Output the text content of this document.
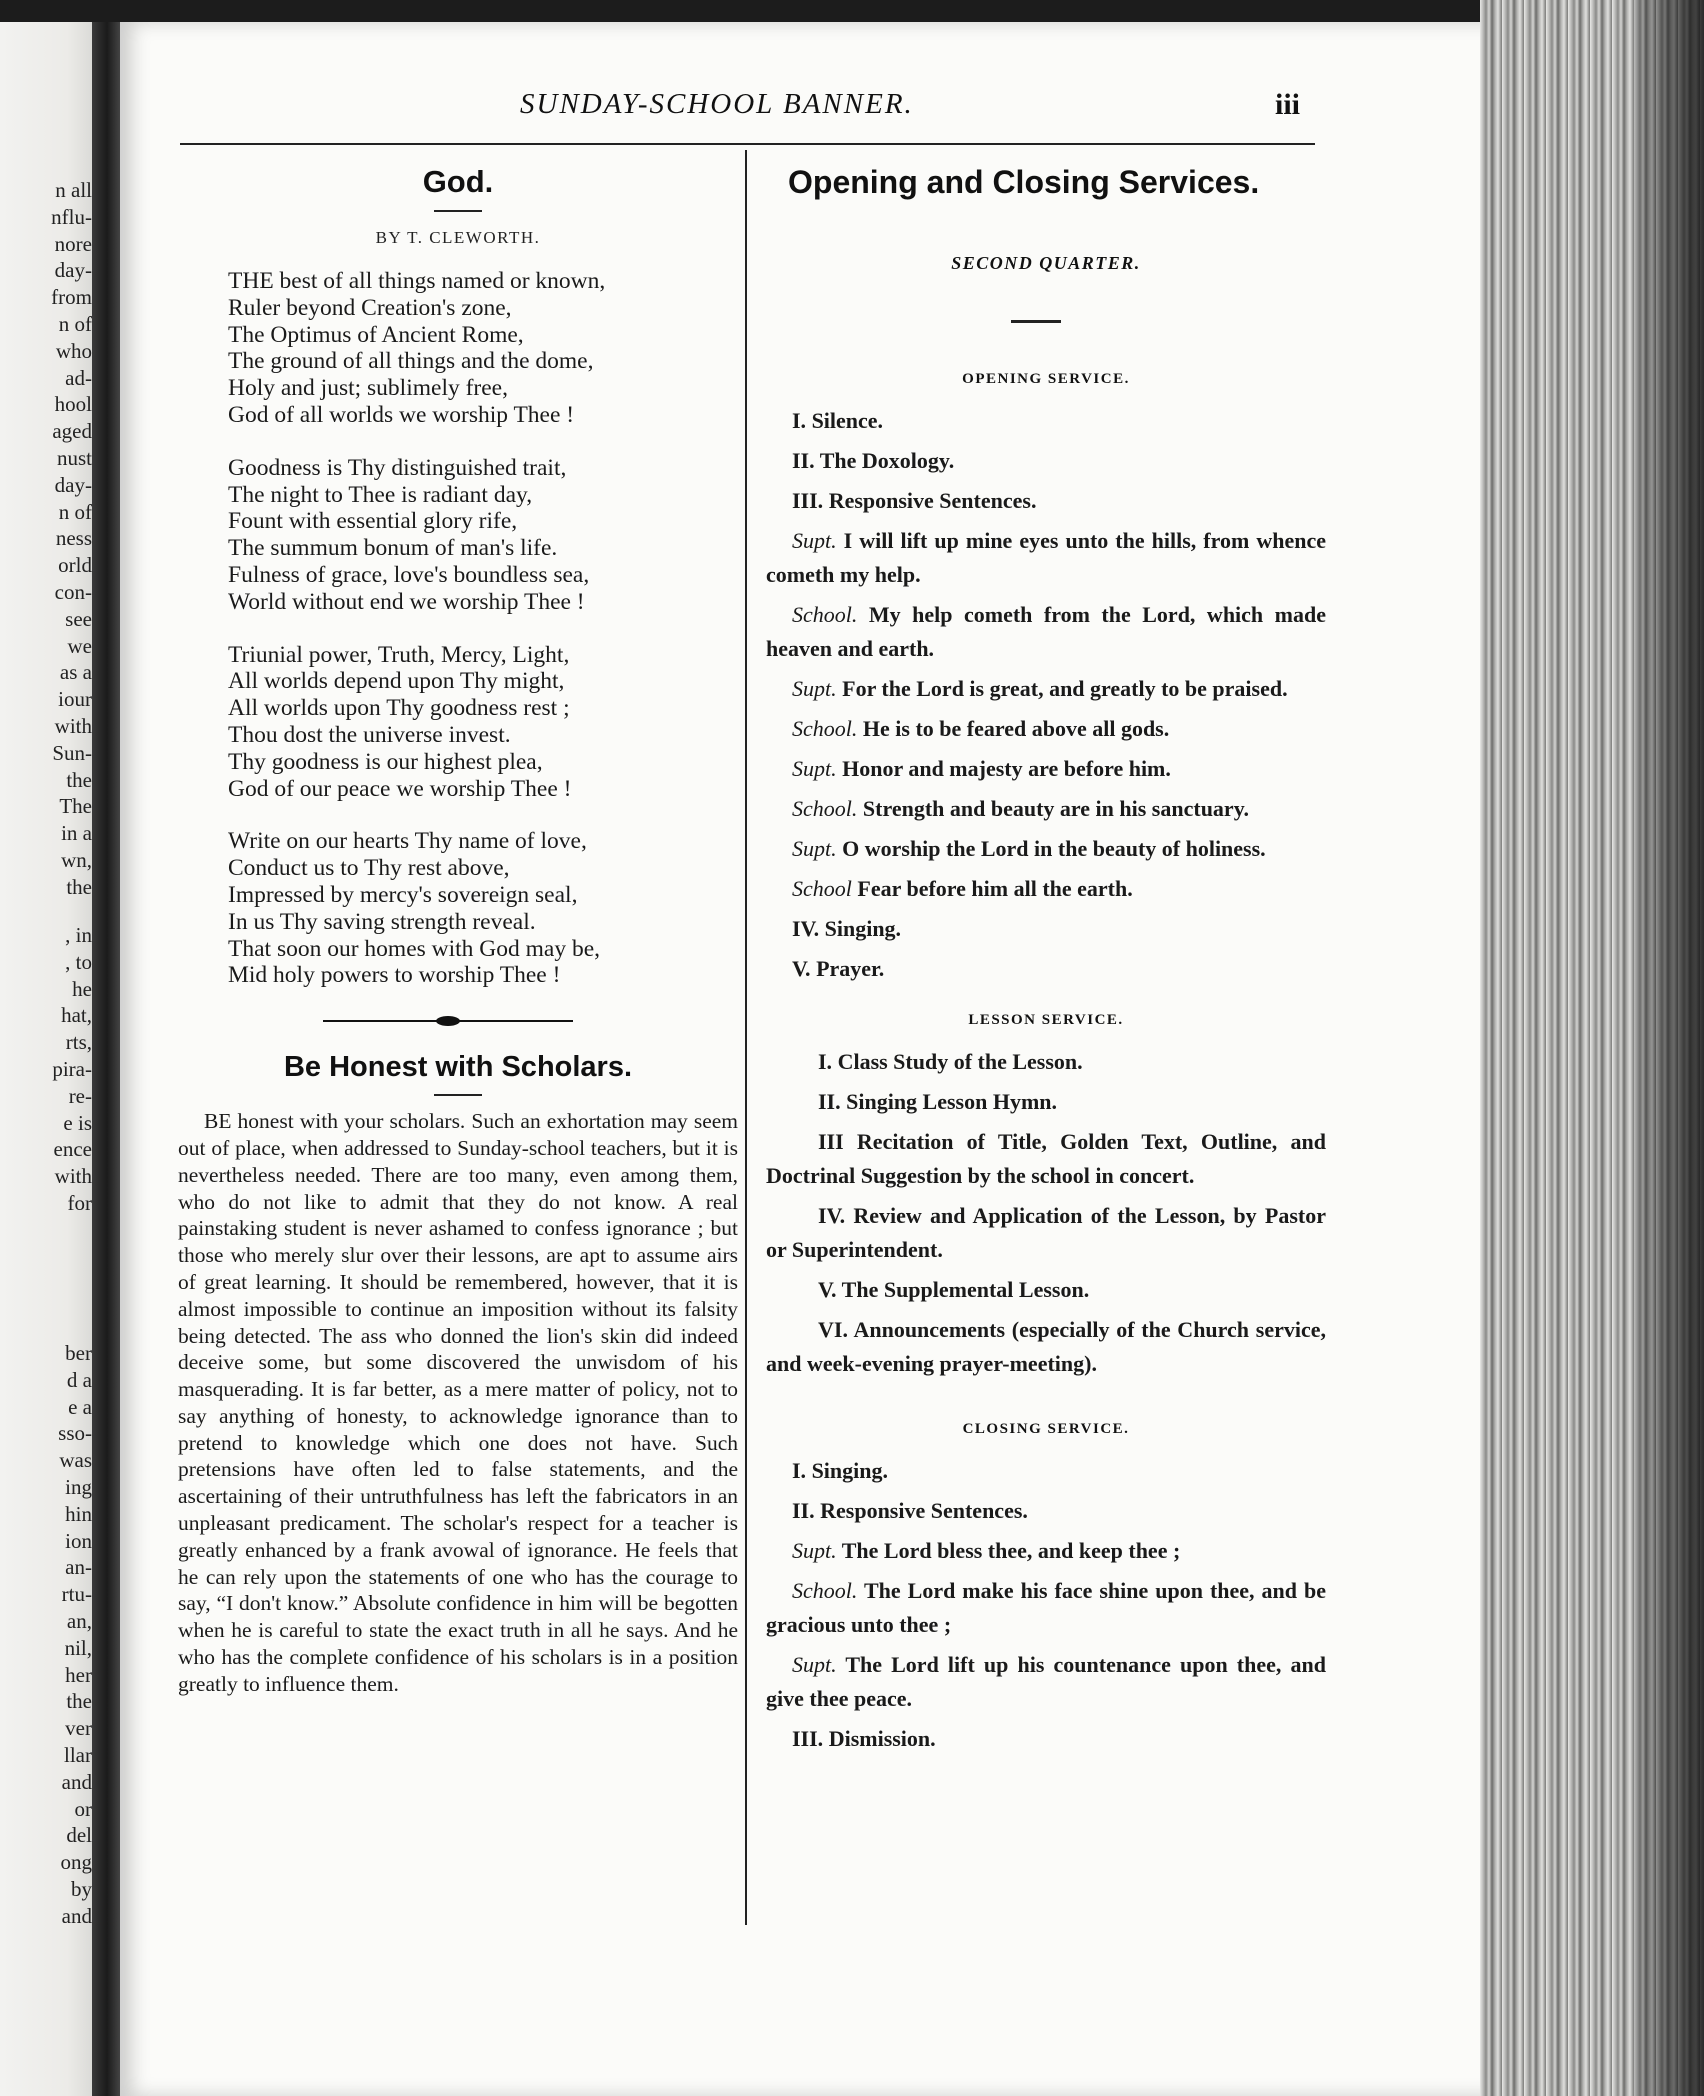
n all
nflu-
nore
day-
from
n of
who
ad-
hool
aged
nust
day-
n of
ness
orld
con-
see
we
as a
iour
with
Sun-
the
The
in a
wn,
the
, in
, to
he
hat,
rts,
pira-
re-
e is
ence
with
for
ber
d a
e a
sso-
was
ing
hin
ion
an-
rtu-
an,
nil,
her
the
ver
llar
and
or
del
ong
by
and
SUNDAY-SCHOOL BANNER.	iii
God.
BY T. CLEWORTH.
THE best of all things named or known,
Ruler beyond Creation's zone,
The Optimus of Ancient Rome,
The ground of all things and the dome,
Holy and just; sublimely free,
God of all worlds we worship Thee !
Goodness is Thy distinguished trait,
The night to Thee is radiant day,
Fount with essential glory rife,
The summum bonum of man's life.
Fulness of grace, love's boundless sea,
World without end we worship Thee !
Triunial power, Truth, Mercy, Light,
All worlds depend upon Thy might,
All worlds upon Thy goodness rest ;
Thou dost the universe invest.
Thy goodness is our highest plea,
God of our peace we worship Thee !
Write on our hearts Thy name of love,
Conduct us to Thy rest above,
Impressed by mercy's sovereign seal,
In us Thy saving strength reveal.
That soon our homes with God may be,
Mid holy powers to worship Thee !
Be Honest with Scholars.

BE honest with your scholars. Such an exhortation may seem out of place, when addressed to Sunday-school teachers, but it is nevertheless needed. There are too many, even among them, who do not like to admit that they do not know. A real painstaking student is never ashamed to confess ignorance ; but those who merely slur over their lessons, are apt to assume airs of great learning. It should be remembered, however, that it is almost impossible to continue an imposition without its falsity being detected. The ass who donned the lion's skin did indeed deceive some, but some discovered the unwisdom of his masquerading. It is far better, as a mere matter of policy, not to say anything of honesty, to acknowledge ignorance than to pretend to knowledge which one does not have. Such pretensions have often led to false statements, and the ascertaining of their untruthfulness has left the fabricators in an unpleasant predicament. The scholar's respect for a teacher is greatly enhanced by a frank avowal of ignorance. He feels that he can rely upon the statements of one who has the courage to say, “I don't know.” Absolute confidence in him will be begotten when he is careful to state the exact truth in all he says. And he who has the complete confidence of his scholars is in a position greatly to influence them.

Opening and Closing Services.
SECOND QUARTER.
OPENING SERVICE.
I. Silence.
II. The Doxology.
III. Responsive Sentences.
Supt. I will lift up mine eyes unto the hills, from whence cometh my help.
School. My help cometh from the Lord, which made heaven and earth.
Supt. For the Lord is great, and greatly to be praised.
School. He is to be feared above all gods.
Supt. Honor and majesty are before him.
School. Strength and beauty are in his sanctuary.
Supt. O worship the Lord in the beauty of holiness.
School Fear before him all the earth.
IV. Singing.
V. Prayer.
LESSON SERVICE.
I. Class Study of the Lesson.
II. Singing Lesson Hymn.
III Recitation of Title, Golden Text, Outline, and Doctrinal Suggestion by the school in concert.
IV. Review and Application of the Lesson, by Pastor or Superintendent.
V. The Supplemental Lesson.
VI. Announcements (especially of the Church service, and week-evening prayer-meeting).
CLOSING SERVICE.
I. Singing.
II. Responsive Sentences.
Supt. The Lord bless thee, and keep thee ;
School. The Lord make his face shine upon thee, and be gracious unto thee ;
Supt. The Lord lift up his countenance upon thee, and give thee peace.
III. Dismission.
